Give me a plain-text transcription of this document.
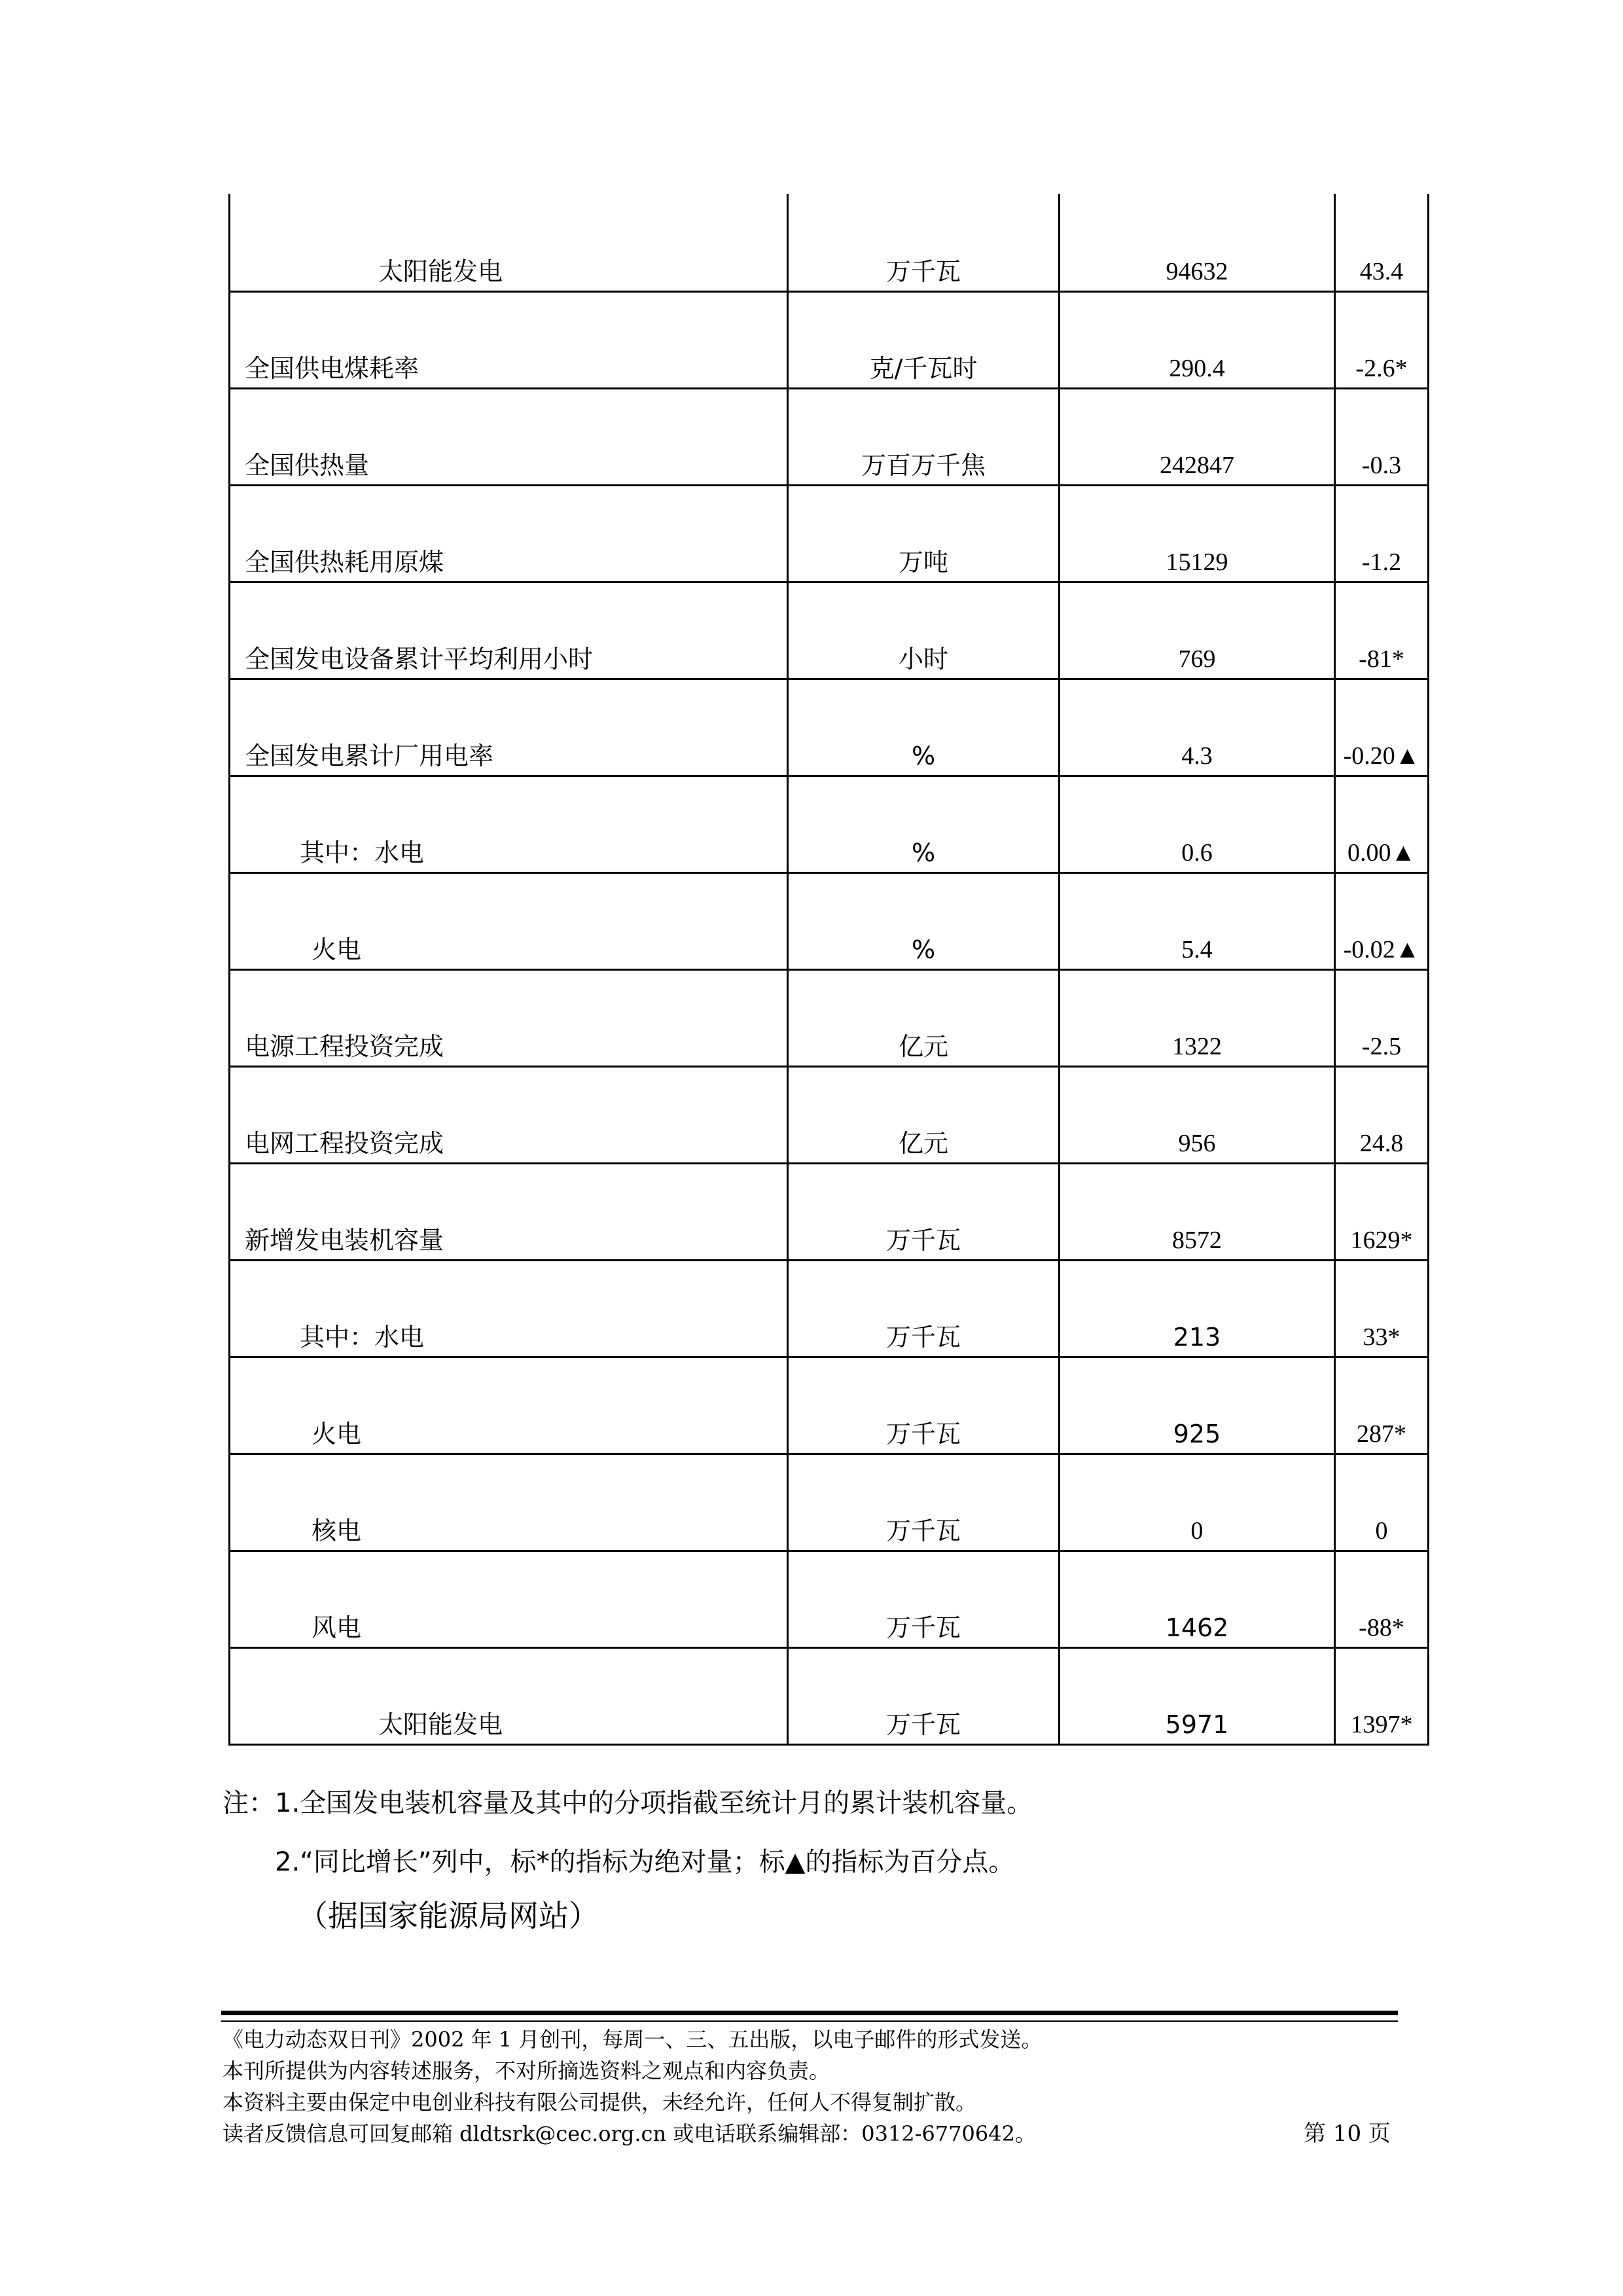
太阳能发电	万千瓦	94632	43.4
全国供电煤耗率	克/千瓦时	290.4	-2.6*
全国供热量	万百万千焦	242847	-0.3
全国供热耗用原煤	万吨	15129	-1.2
全国发电设备累计平均利用小时	小时	769	-81*
全国发电累计厂用电率	%	4.3	-0.20▲
其中：水电	%	0.6	0.00▲
火电	%	5.4	-0.02▲
电源工程投资完成	亿元	1322	-2.5
电网工程投资完成	亿元	956	24.8
新增发电装机容量	万千瓦	8572	1629*
其中：水电	万千瓦	213	33*
火电	万千瓦	925	287*
核电	万千瓦	0	0
风电	万千瓦	1462	-88*
太阳能发电	万千瓦	5971	1397*
注：1.全国发电装机容量及其中的分项指截至统计月的累计装机容量。
2.“同比增长”列中，标*的指标为绝对量；标▲的指标为百分点。
（据国家能源局网站）
《电力动态双日刊》2002 年 1 月创刊，每周一、三、五出版，以电子邮件的形式发送。
本刊所提供为内容转述服务，不对所摘选资料之观点和内容负责。
本资料主要由保定中电创业科技有限公司提供，未经允许，任何人不得复制扩散。
读者反馈信息可回复邮箱 dldtsrk@cec.org.cn 或电话联系编辑部：0312-6770642。	第 10 页
